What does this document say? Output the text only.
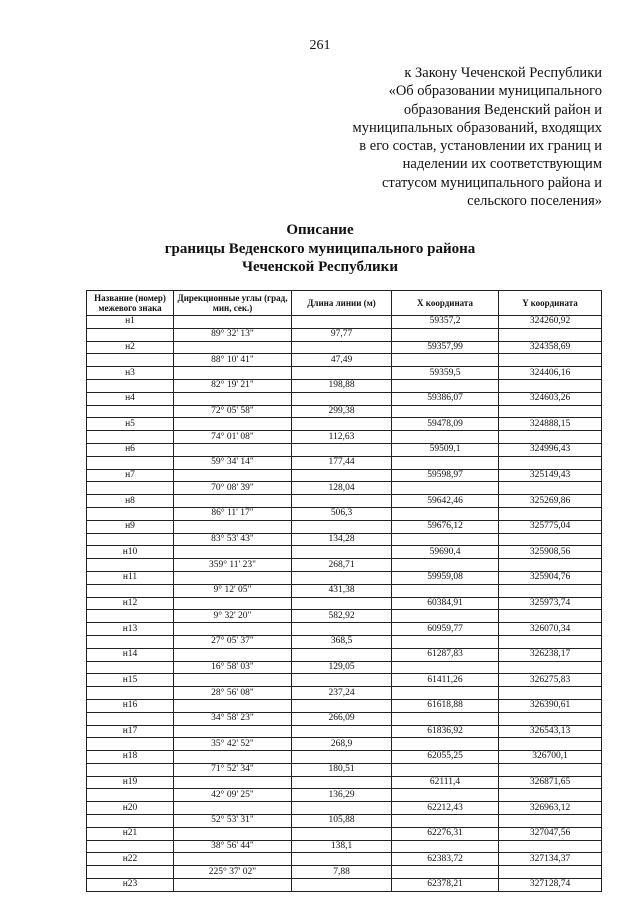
261
к Закону Чеченской Республики
«Об образовании муниципального
образования Веденский район и
муниципальных образований, входящих
в его состав, установлении их границ и
наделении их соответствующим
статусом муниципального района и
сельского поселения»
Описание
границы Веденского муниципального района
Чеченской Республики
Название (номер) межевого знака	Дирекционные углы (град, мин, сек.)	Длина линии (м)	X координата	Y координата
н1			59357,2	324260,92
	89° 32' 13"	97,77		
н2			59357,99	324358,69
	88° 10' 41"	47,49		
н3			59359,5	324406,16
	82° 19' 21"	198,88		
н4			59386,07	324603,26
	72° 05' 58"	299,38		
н5			59478,09	324888,15
	74° 01' 08"	112,63		
н6			59509,1	324996,43
	59° 34' 14"	177,44		
н7			59598,97	325149,43
	70° 08' 39"	128,04		
н8			59642,46	325269,86
	86° 11' 17"	506,3		
н9			59676,12	325775,04
	83° 53' 43"	134,28		
н10			59690,4	325908,56
	359° 11' 23"	268,71		
н11			59959,08	325904,76
	9° 12' 05"	431,38		
н12			60384,91	325973,74
	9° 32' 20"	582,92		
н13			60959,77	326070,34
	27° 05' 37"	368,5		
н14			61287,83	326238,17
	16° 58' 03"	129,05		
н15			61411,26	326275,83
	28° 56' 08"	237,24		
н16			61618,88	326390,61
	34° 58' 23"	266,09		
н17			61836,92	326543,13
	35° 42' 52"	268,9		
н18			62055,25	326700,1
	71° 52' 34"	180,51		
н19			62111,4	326871,65
	42° 09' 25"	136,29		
н20			62212,43	326963,12
	52° 53' 31"	105,88		
н21			62276,31	327047,56
	38° 56' 44"	138,1		
н22			62383,72	327134,37
	225° 37' 02"	7,88		
н23			62378,21	327128,74
